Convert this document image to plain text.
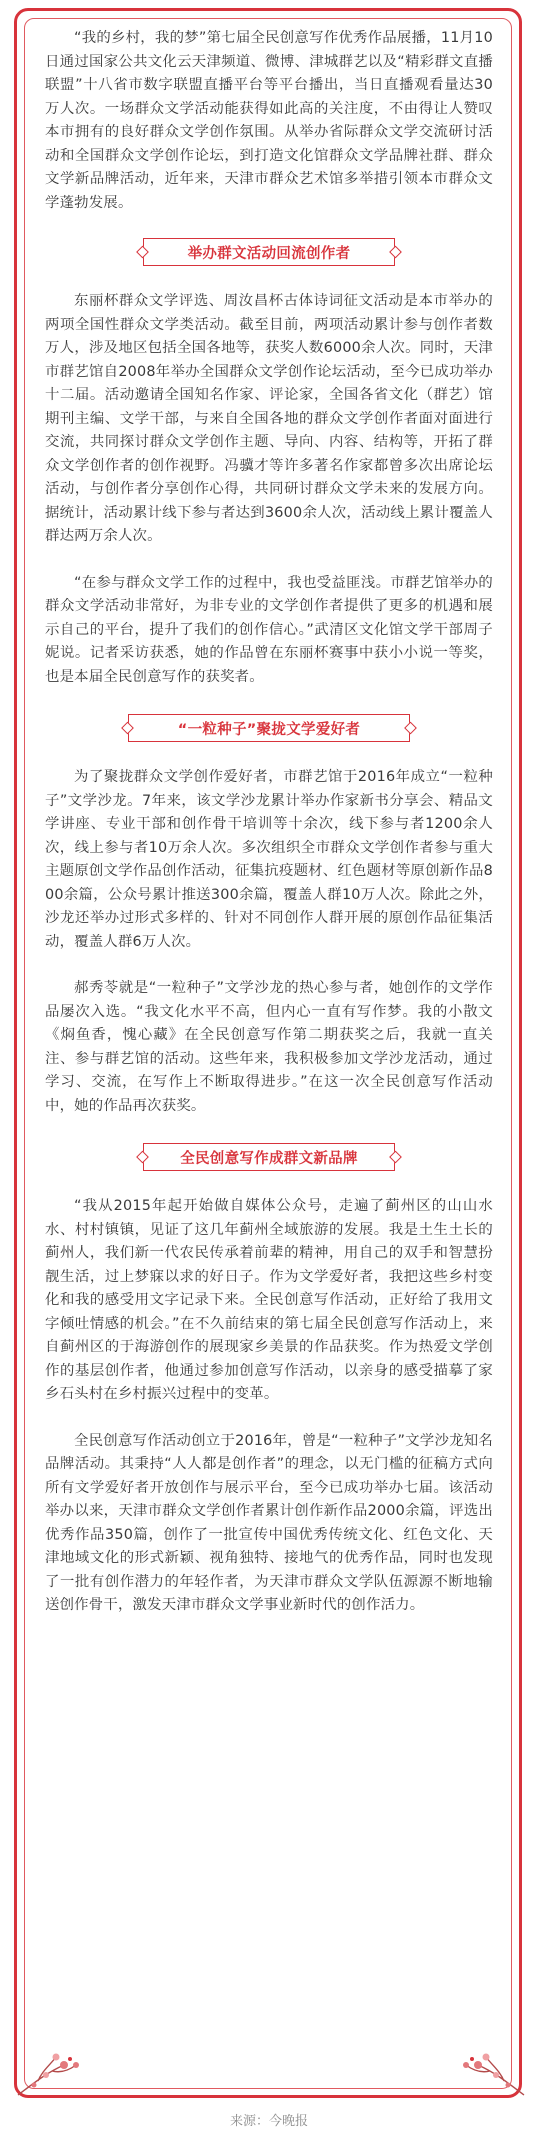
“我的乡村，我的梦”第七届全民创意写作优秀作品展播，11月10日通过国家公共文化云天津频道、微博、津城群艺以及“精彩群文直播联盟”十八省市数字联盟直播平台等平台播出，当日直播观看量达30万人次。一场群众文学活动能获得如此高的关注度，不由得让人赞叹本市拥有的良好群众文学创作氛围。从举办省际群众文学交流研讨活动和全国群众文学创作论坛，到打造文化馆群众文学品牌社群、群众文学新品牌活动，近年来，天津市群众艺术馆多举措引领本市群众文学蓬勃发展。

举办群文活动回流创作者

东丽杯群众文学评选、周汝昌杯古体诗词征文活动是本市举办的两项全国性群众文学类活动。截至目前，两项活动累计参与创作者数万人，涉及地区包括全国各地等，获奖人数6000余人次。同时，天津市群艺馆自2008年举办全国群众文学创作论坛活动，至今已成功举办十二届。活动邀请全国知名作家、评论家，全国各省文化（群艺）馆期刊主编、文学干部，与来自全国各地的群众文学创作者面对面进行交流，共同探讨群众文学创作主题、导向、内容、结构等，开拓了群众文学创作者的创作视野。冯骥才等许多著名作家都曾多次出席论坛活动，与创作者分享创作心得，共同研讨群众文学未来的发展方向。据统计，活动累计线下参与者达到3600余人次，活动线上累计覆盖人群达两万余人次。

“在参与群众文学工作的过程中，我也受益匪浅。市群艺馆举办的群众文学活动非常好，为非专业的文学创作者提供了更多的机遇和展示自己的平台，提升了我们的创作信心。”武清区文化馆文学干部周子妮说。记者采访获悉，她的作品曾在东丽杯赛事中获小小说一等奖，也是本届全民创意写作的获奖者。

“一粒种子”聚拢文学爱好者

为了聚拢群众文学创作爱好者，市群艺馆于2016年成立“一粒种子”文学沙龙。7年来，该文学沙龙累计举办作家新书分享会、精品文学讲座、专业干部和创作骨干培训等十余次，线下参与者1200余人次，线上参与者10万余人次。多次组织全市群众文学创作者参与重大主题原创文学作品创作活动，征集抗疫题材、红色题材等原创新作品800余篇，公众号累计推送300余篇，覆盖人群10万人次。除此之外，沙龙还举办过形式多样的、针对不同创作人群开展的原创作品征集活动，覆盖人群6万人次。

郝秀苓就是“一粒种子”文学沙龙的热心参与者，她创作的文学作品屡次入选。“我文化水平不高，但内心一直有写作梦。我的小散文《焖鱼香，愧心藏》在全民创意写作第二期获奖之后，我就一直关注、参与群艺馆的活动。这些年来，我积极参加文学沙龙活动，通过学习、交流，在写作上不断取得进步。”在这一次全民创意写作活动中，她的作品再次获奖。

全民创意写作成群文新品牌

“我从2015年起开始做自媒体公众号，走遍了蓟州区的山山水水、村村镇镇，见证了这几年蓟州全域旅游的发展。我是土生土长的蓟州人，我们新一代农民传承着前辈的精神，用自己的双手和智慧扮靓生活，过上梦寐以求的好日子。作为文学爱好者，我把这些乡村变化和我的感受用文字记录下来。全民创意写作活动，正好给了我用文字倾吐情感的机会。”在不久前结束的第七届全民创意写作活动上，来自蓟州区的于海游创作的展现家乡美景的作品获奖。作为热爱文学创作的基层创作者，他通过参加创意写作活动，以亲身的感受描摹了家乡石头村在乡村振兴过程中的变革。

全民创意写作活动创立于2016年，曾是“一粒种子”文学沙龙知名品牌活动。其秉持“人人都是创作者”的理念，以无门槛的征稿方式向所有文学爱好者开放创作与展示平台，至今已成功举办七届。该活动举办以来，天津市群众文学创作者累计创作新作品2000余篇，评选出优秀作品350篇，创作了一批宣传中国优秀传统文化、红色文化、天津地域文化的形式新颖、视角独特、接地气的优秀作品，同时也发现了一批有创作潜力的年轻作者，为天津市群众文学队伍源源不断地输送创作骨干，激发天津市群众文学事业新时代的创作活力。

来源：今晚报
